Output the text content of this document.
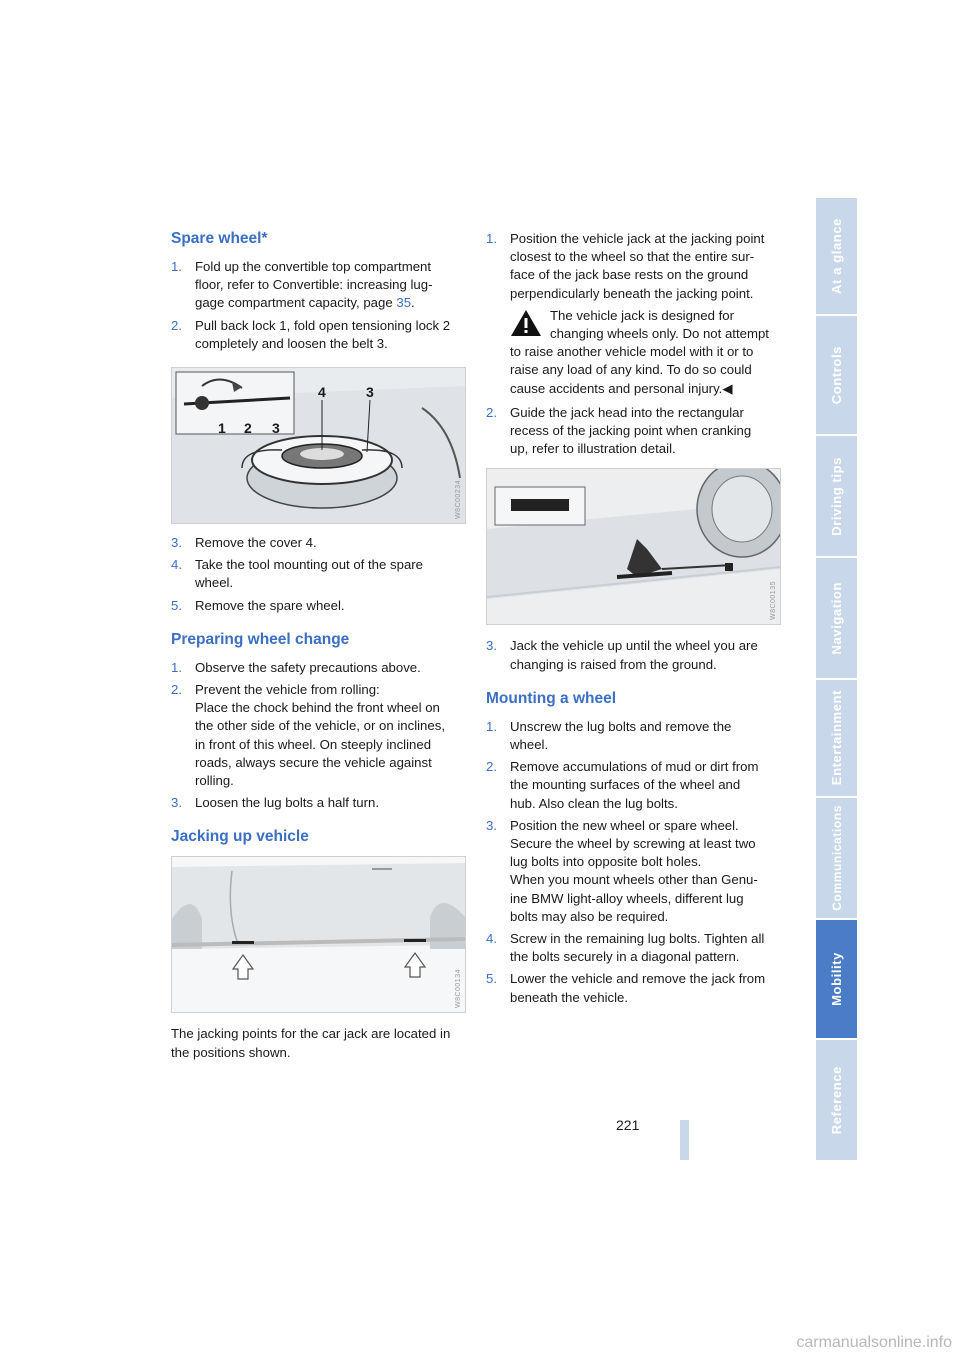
Spare wheel*
1. Fold up the convertible top compartment
floor, refer to Convertible: increasing lug-
gage compartment capacity, page 35.
2. Pull back lock 1, fold open tensioning lock 2
completely and loosen the belt 3.
1 2 3
4	3
W8C00234
3. Remove the cover 4.
4. Take the tool mounting out of the spare
wheel.
5. Remove the spare wheel.
Preparing wheel change
1. Observe the safety precautions above.
2. Prevent the vehicle from rolling:
Place the chock behind the front wheel on
the other side of the vehicle, or on inclines,
in front of this wheel. On steeply inclined
roads, always secure the vehicle against
rolling.
3. Loosen the lug bolts a half turn.
Jacking up vehicle
W8C00134

The jacking points for the car jack are located in

the positions shown.

1. Position the vehicle jack at the jacking point
closest to the wheel so that the entire sur-
face of the jack base rests on the ground
perpendicularly beneath the jacking point.
The vehicle jack is designed for
changing wheels only. Do not attempt
to raise another vehicle model with it or to
raise any load of any kind. To do so could
cause accidents and personal injury.◀
2. Guide the jack head into the rectangular
recess of the jacking point when cranking
up, refer to illustration detail.
W8C00135
3. Jack the vehicle up until the wheel you are
changing is raised from the ground.
Mounting a wheel
1. Unscrew the lug bolts and remove the
wheel.
2. Remove accumulations of mud or dirt from
the mounting surfaces of the wheel and
hub. Also clean the lug bolts.
3. Position the new wheel or spare wheel.
Secure the wheel by screwing at least two
lug bolts into opposite bolt holes.
When you mount wheels other than Genu-
ine BMW light-alloy wheels, different lug
bolts may also be required.
4. Screw in the remaining lug bolts. Tighten all
the bolts securely in a diagonal pattern.
5. Lower the vehicle and remove the jack from
beneath the vehicle.
At a glance
Controls
Driving tips
Navigation
Entertainment
Communications
Mobility
Reference
221
carmanualsonline.info
